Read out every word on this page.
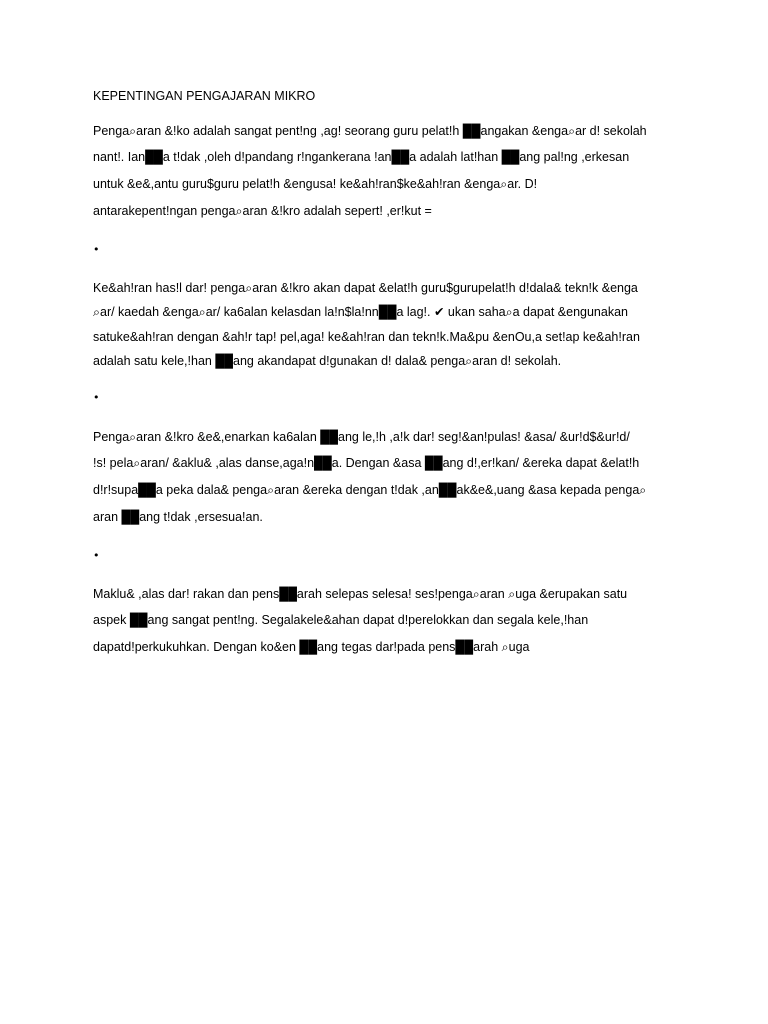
KEPENTINGAN PENGAJARAN MIKRO
Penga⌕aran &!ko adalah sangat pent!ng ,ag! seorang guru pelat!h ██angakan &enga⌕ar d! sekolah
nant!. Ian██a t!dak ,oleh d!pandang r!ngankerana !an██a adalah lat!han ██ang pal!ng ,erkesan
untuk &e&,antu guru$guru pelat!h &engusa! ke&ah!ran$ke&ah!ran &enga⌕ar. D!
antarakepent!ngan penga⌕aran &!kro adalah sepert! ,er!kut =
•
Ke&ah!ran has!l dar! penga⌕aran &!kro akan dapat &elat!h guru$gurupelat!h d!dala& tekn!k &enga
⌕ar/ kaedah &enga⌕ar/ ka6alan kelasdan la!n$la!nn██a lag!. ✔ ukan saha⌕a dapat &engunakan
satuke&ah!ran dengan &ah!r tap! pel,aga! ke&ah!ran dan tekn!k.Ma&pu &enOu,a set!ap ke&ah!ran
adalah satu kele,!han ██ang akandapat d!gunakan d! dala& penga⌕aran d! sekolah.
•
Penga⌕aran &!kro &e&,enarkan ka6alan ██ang le,!h ,a!k dar! seg!&an!pulas! &asa/ &ur!d$&ur!d/
!s! pela⌕aran/ &aklu& ,alas danse,aga!n██a. Dengan &asa ██ang d!,er!kan/ &ereka dapat &elat!h
d!r!supa██a peka dala& penga⌕aran &ereka dengan t!dak ,an██ak&e&,uang &asa kepada penga⌕
aran ██ang t!dak ,ersesua!an.
•
Maklu& ,alas dar! rakan dan pens██arah selepas selesa! ses!penga⌕aran ⌕uga &erupakan satu
aspek ██ang sangat pent!ng. Segalakele&ahan dapat d!perelokkan dan segala kele,!han
dapatd!perkukuhkan. Dengan ko&en ██ang tegas dar!pada pens██arah ⌕uga
